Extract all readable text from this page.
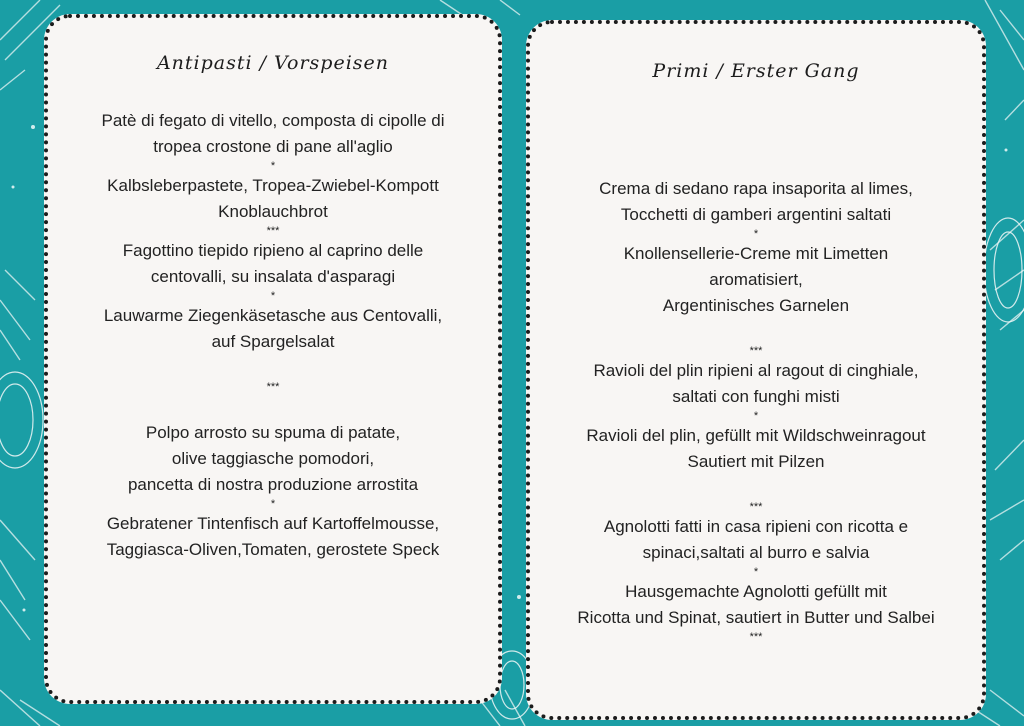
Antipasti / Vorspeisen
Patè di fegato di vitello, composta di cipolle di
tropea crostone di pane all'aglio
*
Kalbsleberpastete, Tropea-Zwiebel-Kompott
Knoblauchbrot
***
Fagottino tiepido ripieno al caprino delle
centovalli, su insalata d'asparagi
*
Lauwarme Ziegenkäsetasche aus Centovalli,
auf Spargelsalat
***
Polpo arrosto su spuma di patate,
olive taggiasche pomodori,
pancetta di nostra produzione arrostita
*
Gebratener Tintenfisch auf Kartoffelmousse,
Taggiasca-Oliven,Tomaten, gerostete Speck
Primi / Erster Gang
Crema di sedano rapa insaporita al limes,
Tocchetti di gamberi argentini saltati
*
Knollensellerie-Creme mit Limetten
aromatisiert,
Argentinisches Garnelen
***
Ravioli del plin ripieni al ragout di cinghiale,
saltati con funghi misti
*
Ravioli del plin, gefüllt mit Wildschweinragout
Sautiert mit Pilzen
***
Agnolotti fatti in casa ripieni con ricotta e
spinaci,saltati al burro e salvia
*
Hausgemachte Agnolotti gefüllt mit
Ricotta und Spinat, sautiert in Butter und Salbei
***
